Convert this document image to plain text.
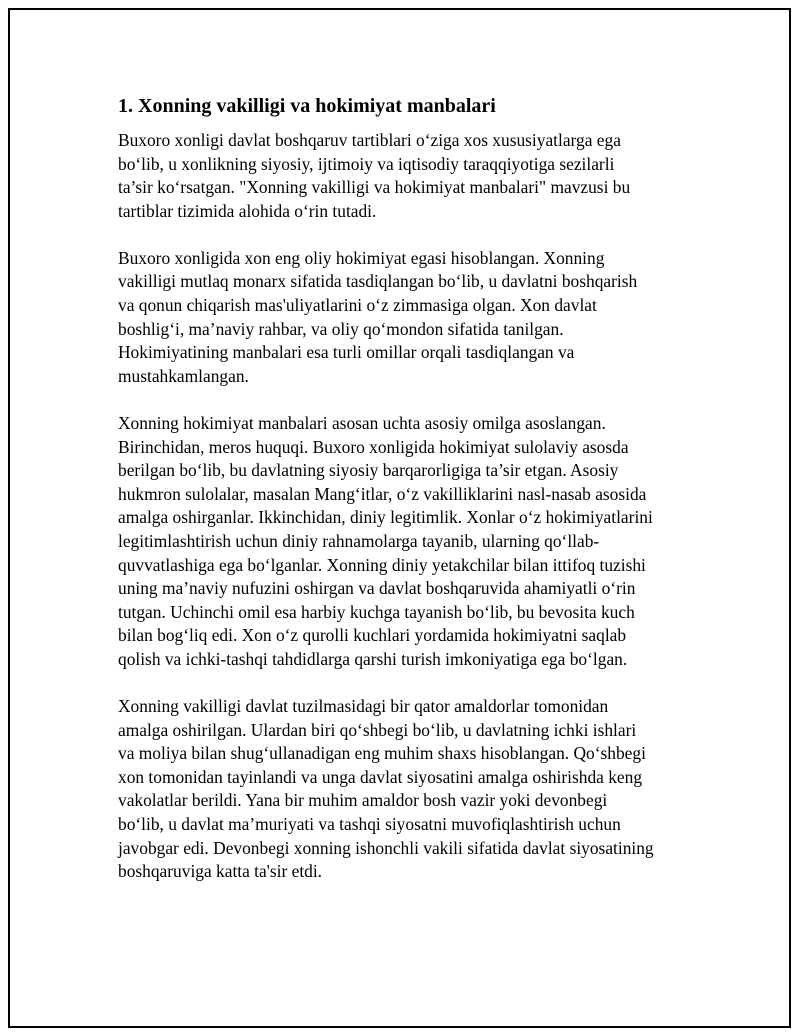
1. Xonning vakilligi va hokimiyat manbalari

Buxoro xonligi davlat boshqaruv tartiblari o‘ziga xos xususiyatlarga ega
bo‘lib, u xonlikning siyosiy, ijtimoiy va iqtisodiy taraqqiyotiga sezilarli
ta’sir ko‘rsatgan. "Xonning vakilligi va hokimiyat manbalari" mavzusi bu
tartiblar tizimida alohida o‘rin tutadi.

Buxoro xonligida xon eng oliy hokimiyat egasi hisoblangan. Xonning
vakilligi mutlaq monarx sifatida tasdiqlangan bo‘lib, u davlatni boshqarish
va qonun chiqarish mas'uliyatlarini o‘z zimmasiga olgan. Xon davlat
boshlig‘i, ma’naviy rahbar, va oliy qo‘mondon sifatida tanilgan.
Hokimiyatining manbalari esa turli omillar orqali tasdiqlangan va
mustahkamlangan.

Xonning hokimiyat manbalari asosan uchta asosiy omilga asoslangan.
Birinchidan, meros huquqi. Buxoro xonligida hokimiyat sulolaviy asosda
berilgan bo‘lib, bu davlatning siyosiy barqarorligiga ta’sir etgan. Asosiy
hukmron sulolalar, masalan Mang‘itlar, o‘z vakilliklarini nasl-nasab asosida
amalga oshirganlar. Ikkinchidan, diniy legitimlik. Xonlar o‘z hokimiyatlarini
legitimlashtirish uchun diniy rahnamolarga tayanib, ularning qo‘llab-
quvvatlashiga ega bo‘lganlar. Xonning diniy yetakchilar bilan ittifoq tuzishi
uning ma’naviy nufuzini oshirgan va davlat boshqaruvida ahamiyatli o‘rin
tutgan. Uchinchi omil esa harbiy kuchga tayanish bo‘lib, bu bevosita kuch
bilan bog‘liq edi. Xon o‘z qurolli kuchlari yordamida hokimiyatni saqlab
qolish va ichki-tashqi tahdidlarga qarshi turish imkoniyatiga ega bo‘lgan.

Xonning vakilligi davlat tuzilmasidagi bir qator amaldorlar tomonidan
amalga oshirilgan. Ulardan biri qo‘shbegi bo‘lib, u davlatning ichki ishlari
va moliya bilan shug‘ullanadigan eng muhim shaxs hisoblangan. Qo‘shbegi
xon tomonidan tayinlandi va unga davlat siyosatini amalga oshirishda keng
vakolatlar berildi. Yana bir muhim amaldor bosh vazir yoki devonbegi
bo‘lib, u davlat ma’muriyati va tashqi siyosatni muvofiqlashtirish uchun
javobgar edi. Devonbegi xonning ishonchli vakili sifatida davlat siyosatining
boshqaruviga katta ta'sir etdi.
